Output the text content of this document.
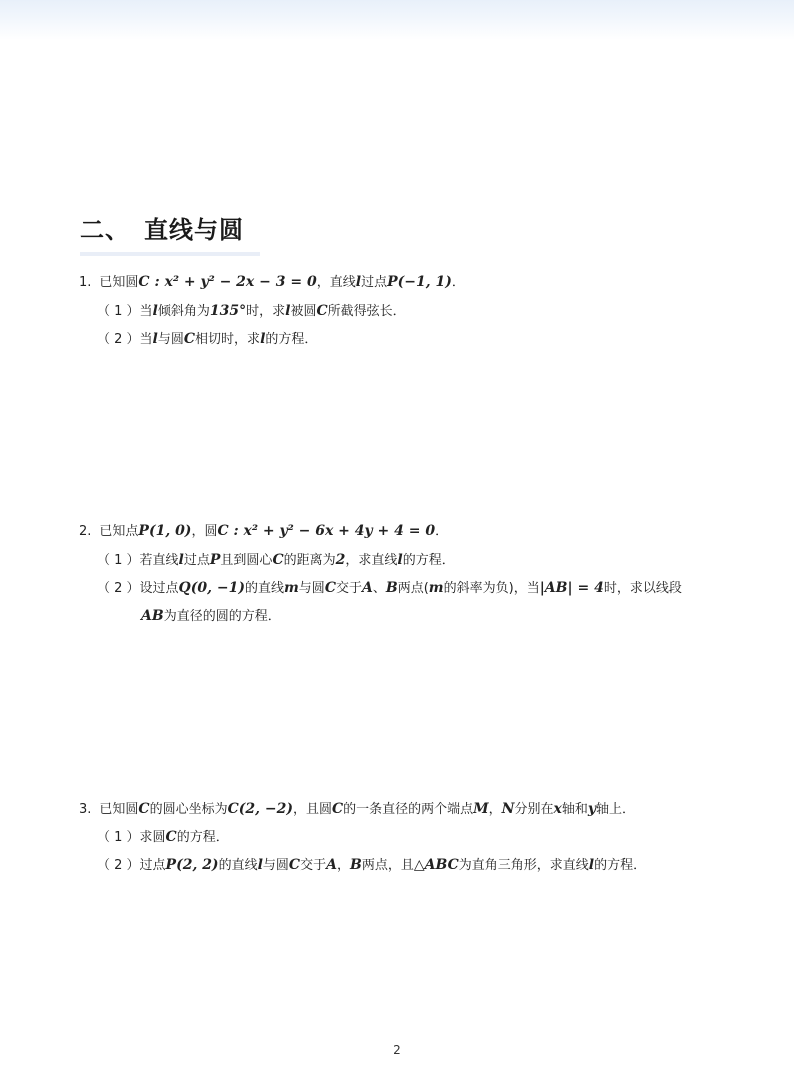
二、 直线与圆
1. 已知圆C : x² + y² − 2x − 3 = 0，直线l过点P(−1, 1)．
（ 1 ）当l倾斜角为135°时，求l被圆C所截得弦长．
（ 2 ）当l与圆C相切时，求l的方程．
2. 已知点P(1, 0)，圆C : x² + y² − 6x + 4y + 4 = 0．
（ 1 ）若直线l过点P且到圆心C的距离为2，求直线l的方程．
（ 2 ）设过点Q(0, −1)的直线m与圆C交于A、B两点(m的斜率为负)，当|AB| = 4时，求以线段
AB为直径的圆的方程．
3. 已知圆C的圆心坐标为C(2, −2)，且圆C的一条直径的两个端点M，N分别在x轴和y轴上．
（ 1 ）求圆C的方程．
（ 2 ）过点P(2, 2)的直线l与圆C交于A，B两点，且△ABC为直角三角形，求直线l的方程．
2
